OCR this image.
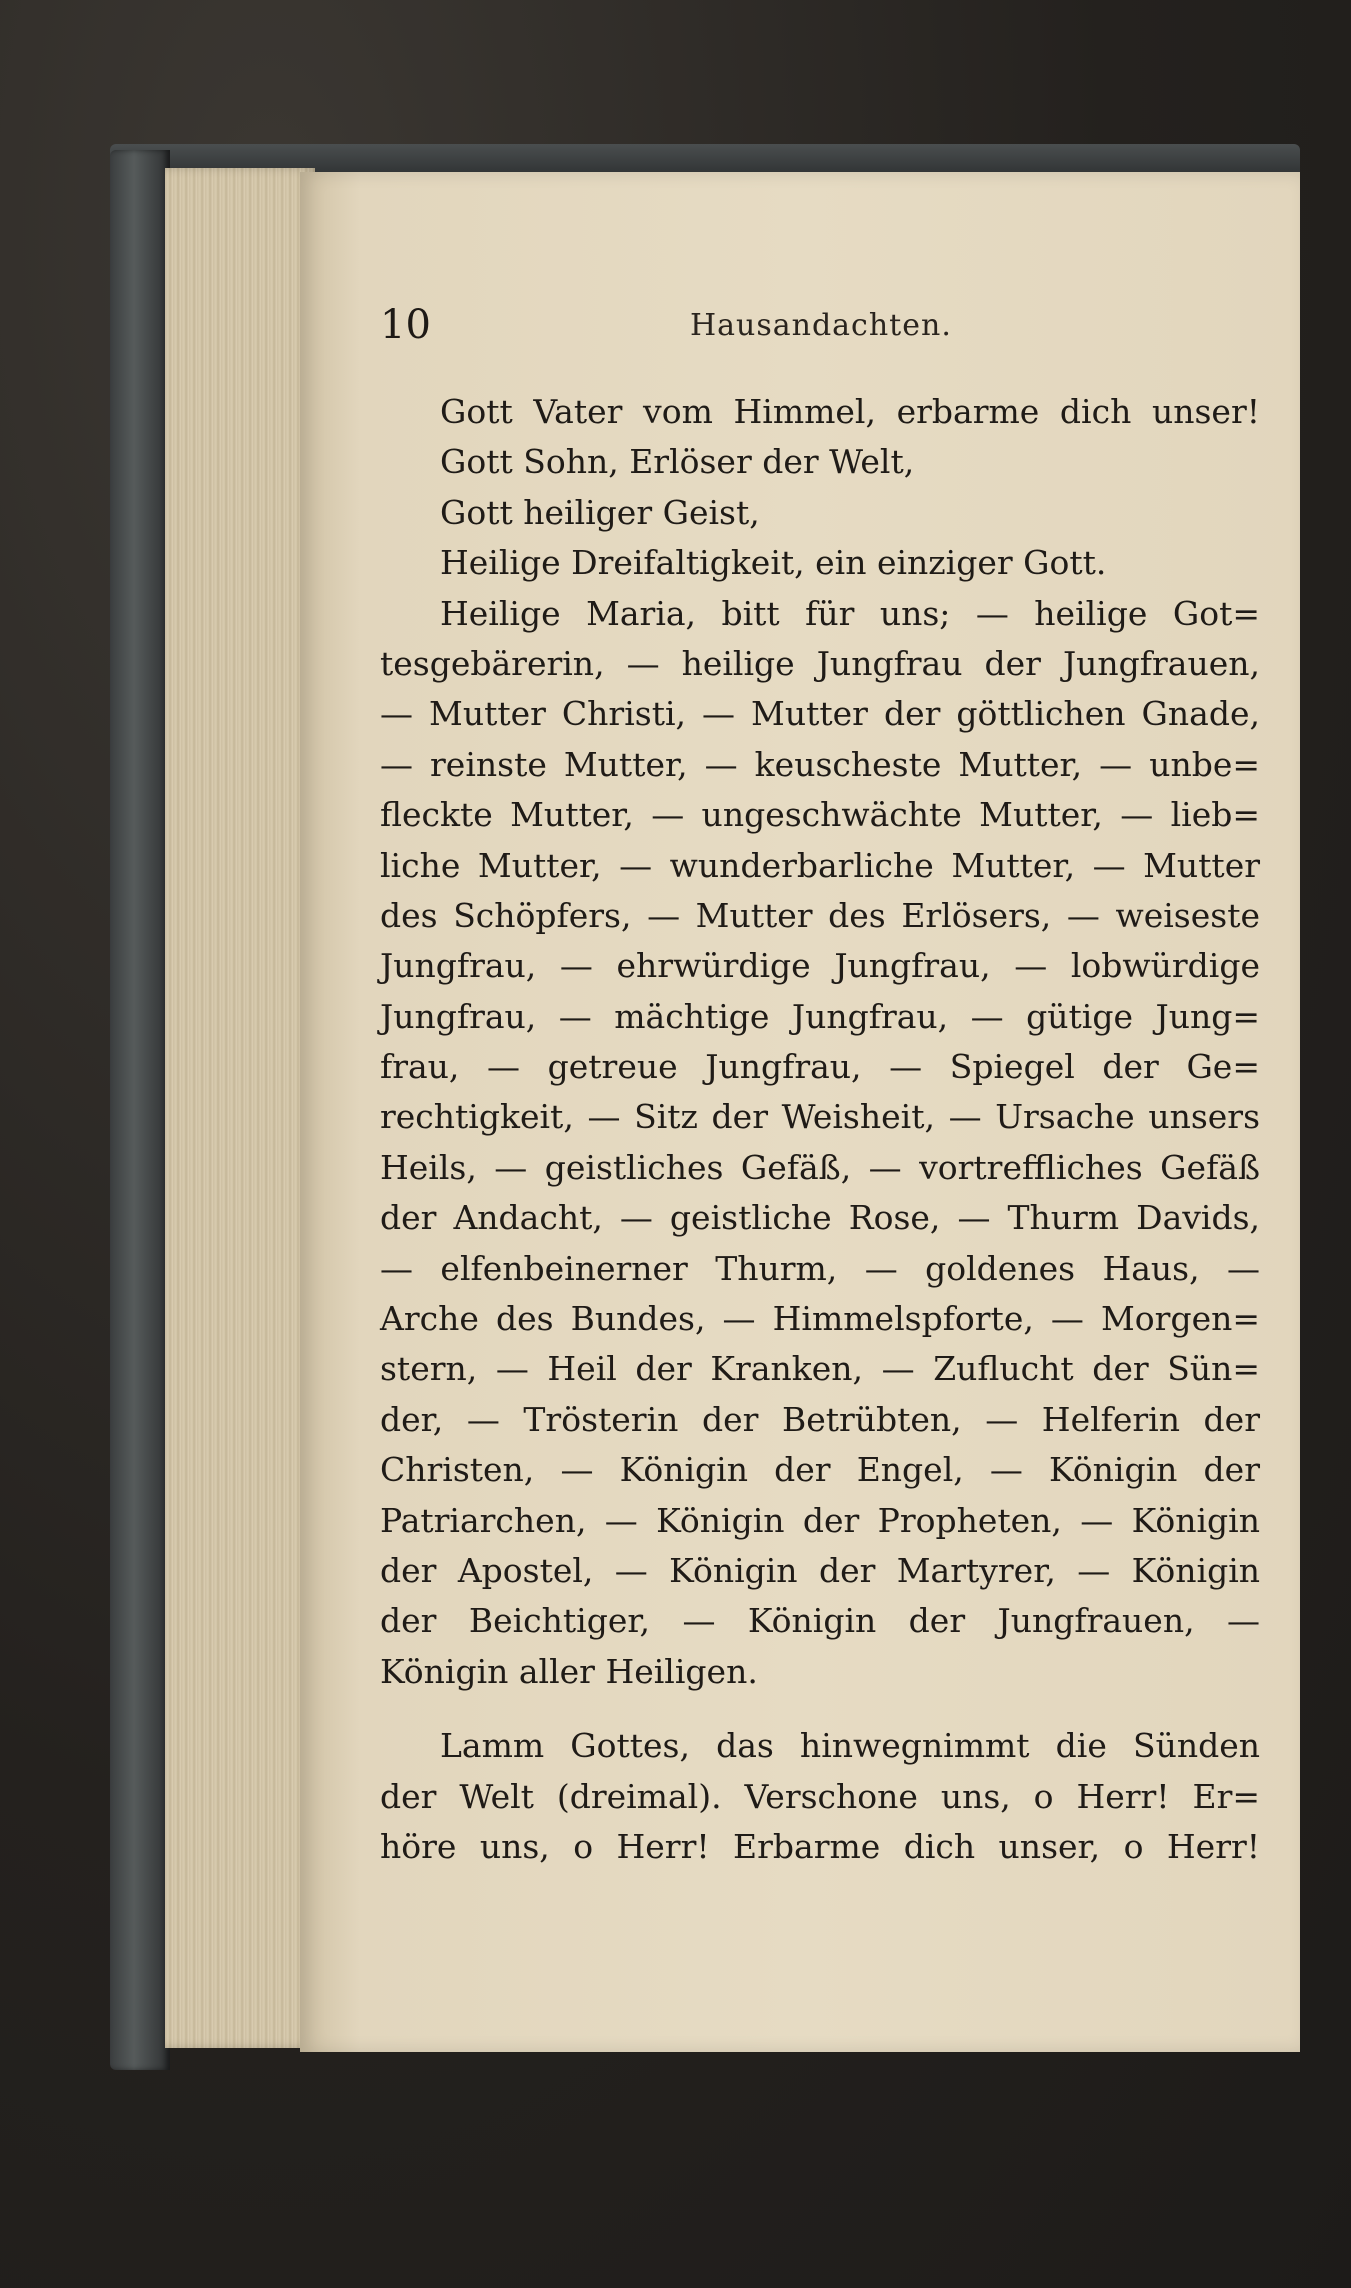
10	Hausandachten.
Gott Vater vom Himmel, erbarme dich unser!
Gott Sohn, Erlöser der Welt,
Gott heiliger Geist,
Heilige Dreifaltigkeit, ein einziger Gott.
Heilige Maria, bitt für uns; — heilige Got=
tesgebärerin, — heilige Jungfrau der Jungfrauen,
— Mutter Christi, — Mutter der göttlichen Gnade,
— reinste Mutter, — keuscheste Mutter, — unbe=
fleckte Mutter, — ungeschwächte Mutter, — lieb=
liche Mutter, — wunderbarliche Mutter, — Mutter
des Schöpfers, — Mutter des Erlösers, — weiseste
Jungfrau, — ehrwürdige Jungfrau, — lobwürdige
Jungfrau, — mächtige Jungfrau, — gütige Jung=
frau, — getreue Jungfrau, — Spiegel der Ge=
rechtigkeit, — Sitz der Weisheit, — Ursache unsers
Heils, — geistliches Gefäß, — vortreffliches Gefäß
der Andacht, — geistliche Rose, — Thurm Davids,
— elfenbeinerner Thurm, — goldenes Haus, —
Arche des Bundes, — Himmelspforte, — Morgen=
stern, — Heil der Kranken, — Zuflucht der Sün=
der, — Trösterin der Betrübten, — Helferin der
Christen, — Königin der Engel, — Königin der
Patriarchen, — Königin der Propheten, — Königin
der Apostel, — Königin der Martyrer, — Königin
der Beichtiger, — Königin der Jungfrauen, —
Königin aller Heiligen.
Lamm Gottes, das hinwegnimmt die Sünden
der Welt (dreimal). Verschone uns, o Herr! Er=
höre uns, o Herr! Erbarme dich unser, o Herr!
